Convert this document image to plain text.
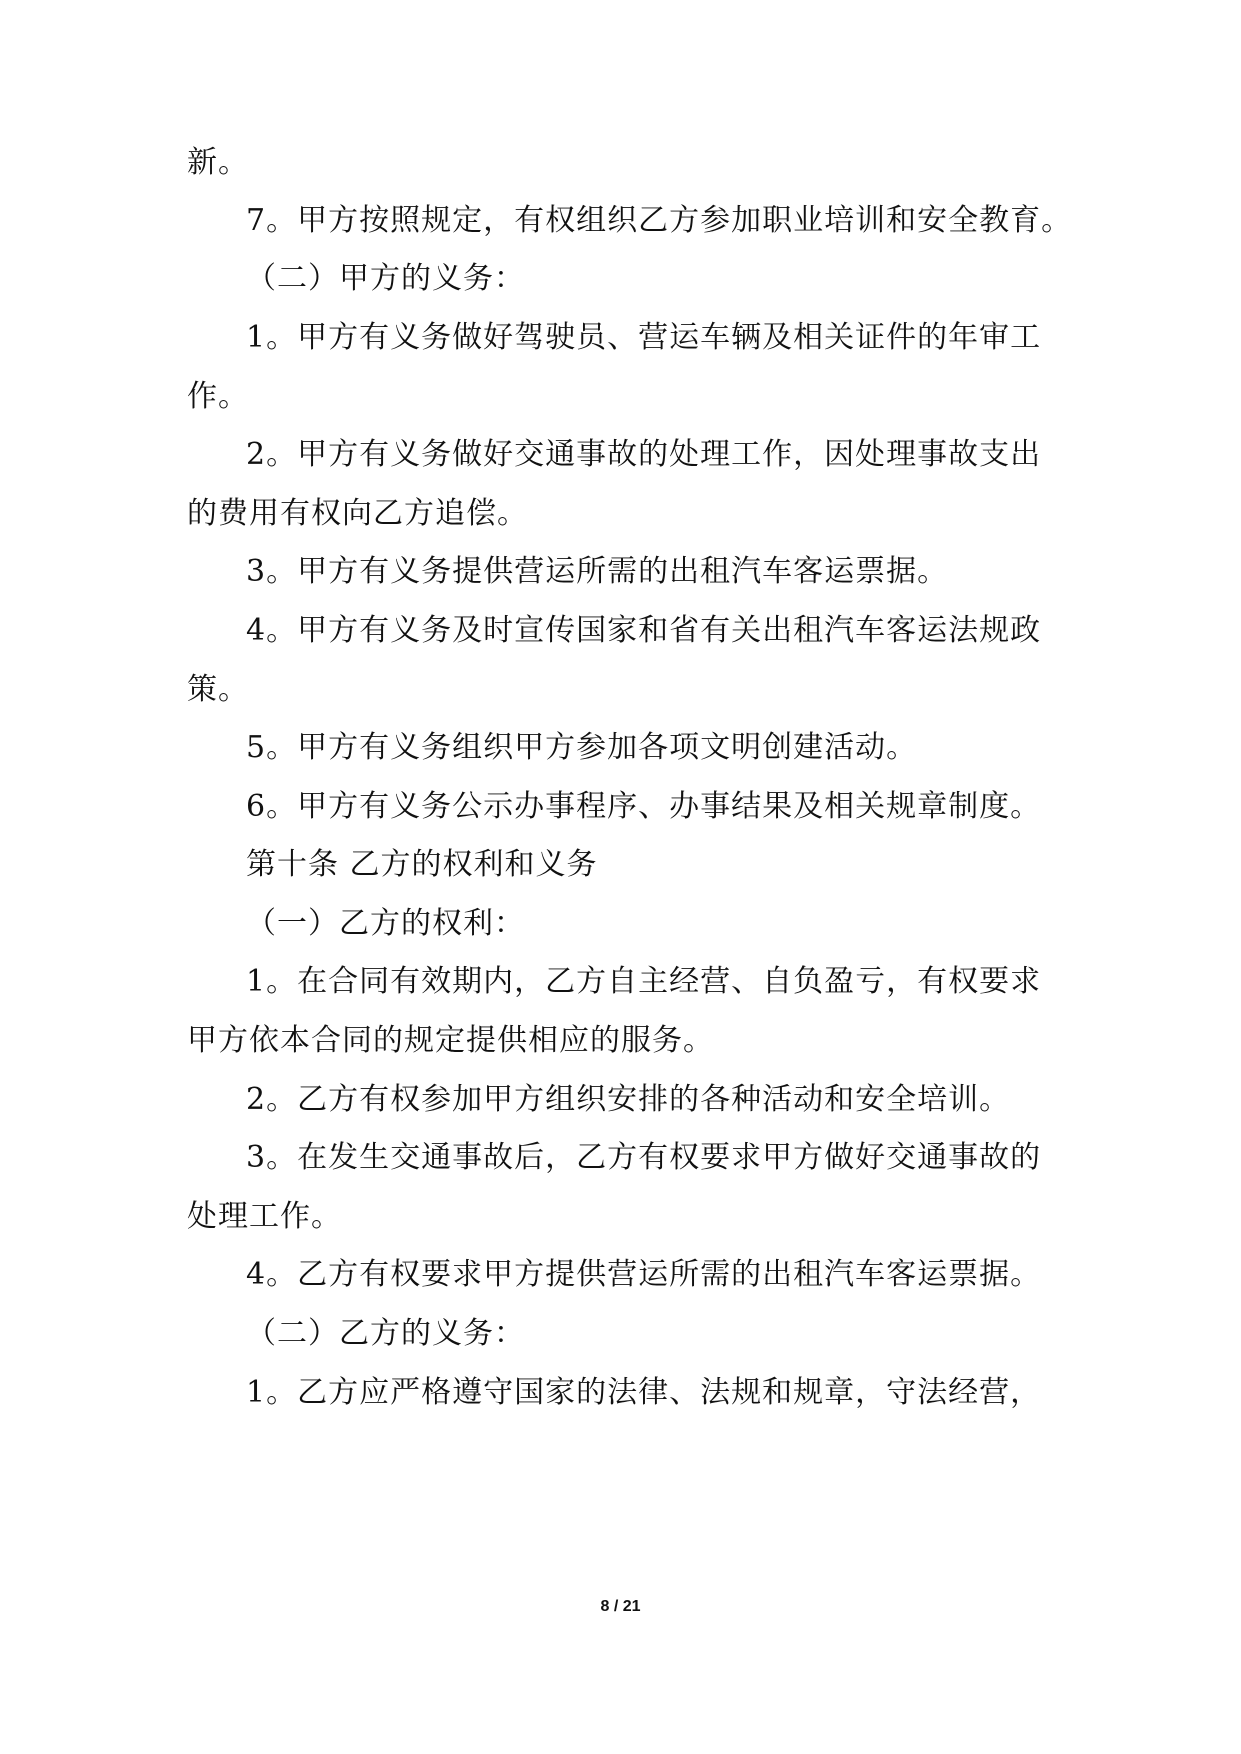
新。

7。甲方按照规定，有权组织乙方参加职业培训和安全教育。

（二）甲方的义务：

1。甲方有义务做好驾驶员、营运车辆及相关证件的年审工

作。

2。甲方有义务做好交通事故的处理工作，因处理事故支出

的费用有权向乙方追偿。

3。甲方有义务提供营运所需的出租汽车客运票据。

4。甲方有义务及时宣传国家和省有关出租汽车客运法规政

策。

5。甲方有义务组织甲方参加各项文明创建活动。

6。甲方有义务公示办事程序、办事结果及相关规章制度。

第十条 乙方的权利和义务

（一）乙方的权利：

1。在合同有效期内，乙方自主经营、自负盈亏，有权要求

甲方依本合同的规定提供相应的服务。

2。乙方有权参加甲方组织安排的各种活动和安全培训。

3。在发生交通事故后，乙方有权要求甲方做好交通事故的

处理工作。

4。乙方有权要求甲方提供营运所需的出租汽车客运票据。

（二）乙方的义务：

1。乙方应严格遵守国家的法律、法规和规章，守法经营，

8 / 21
